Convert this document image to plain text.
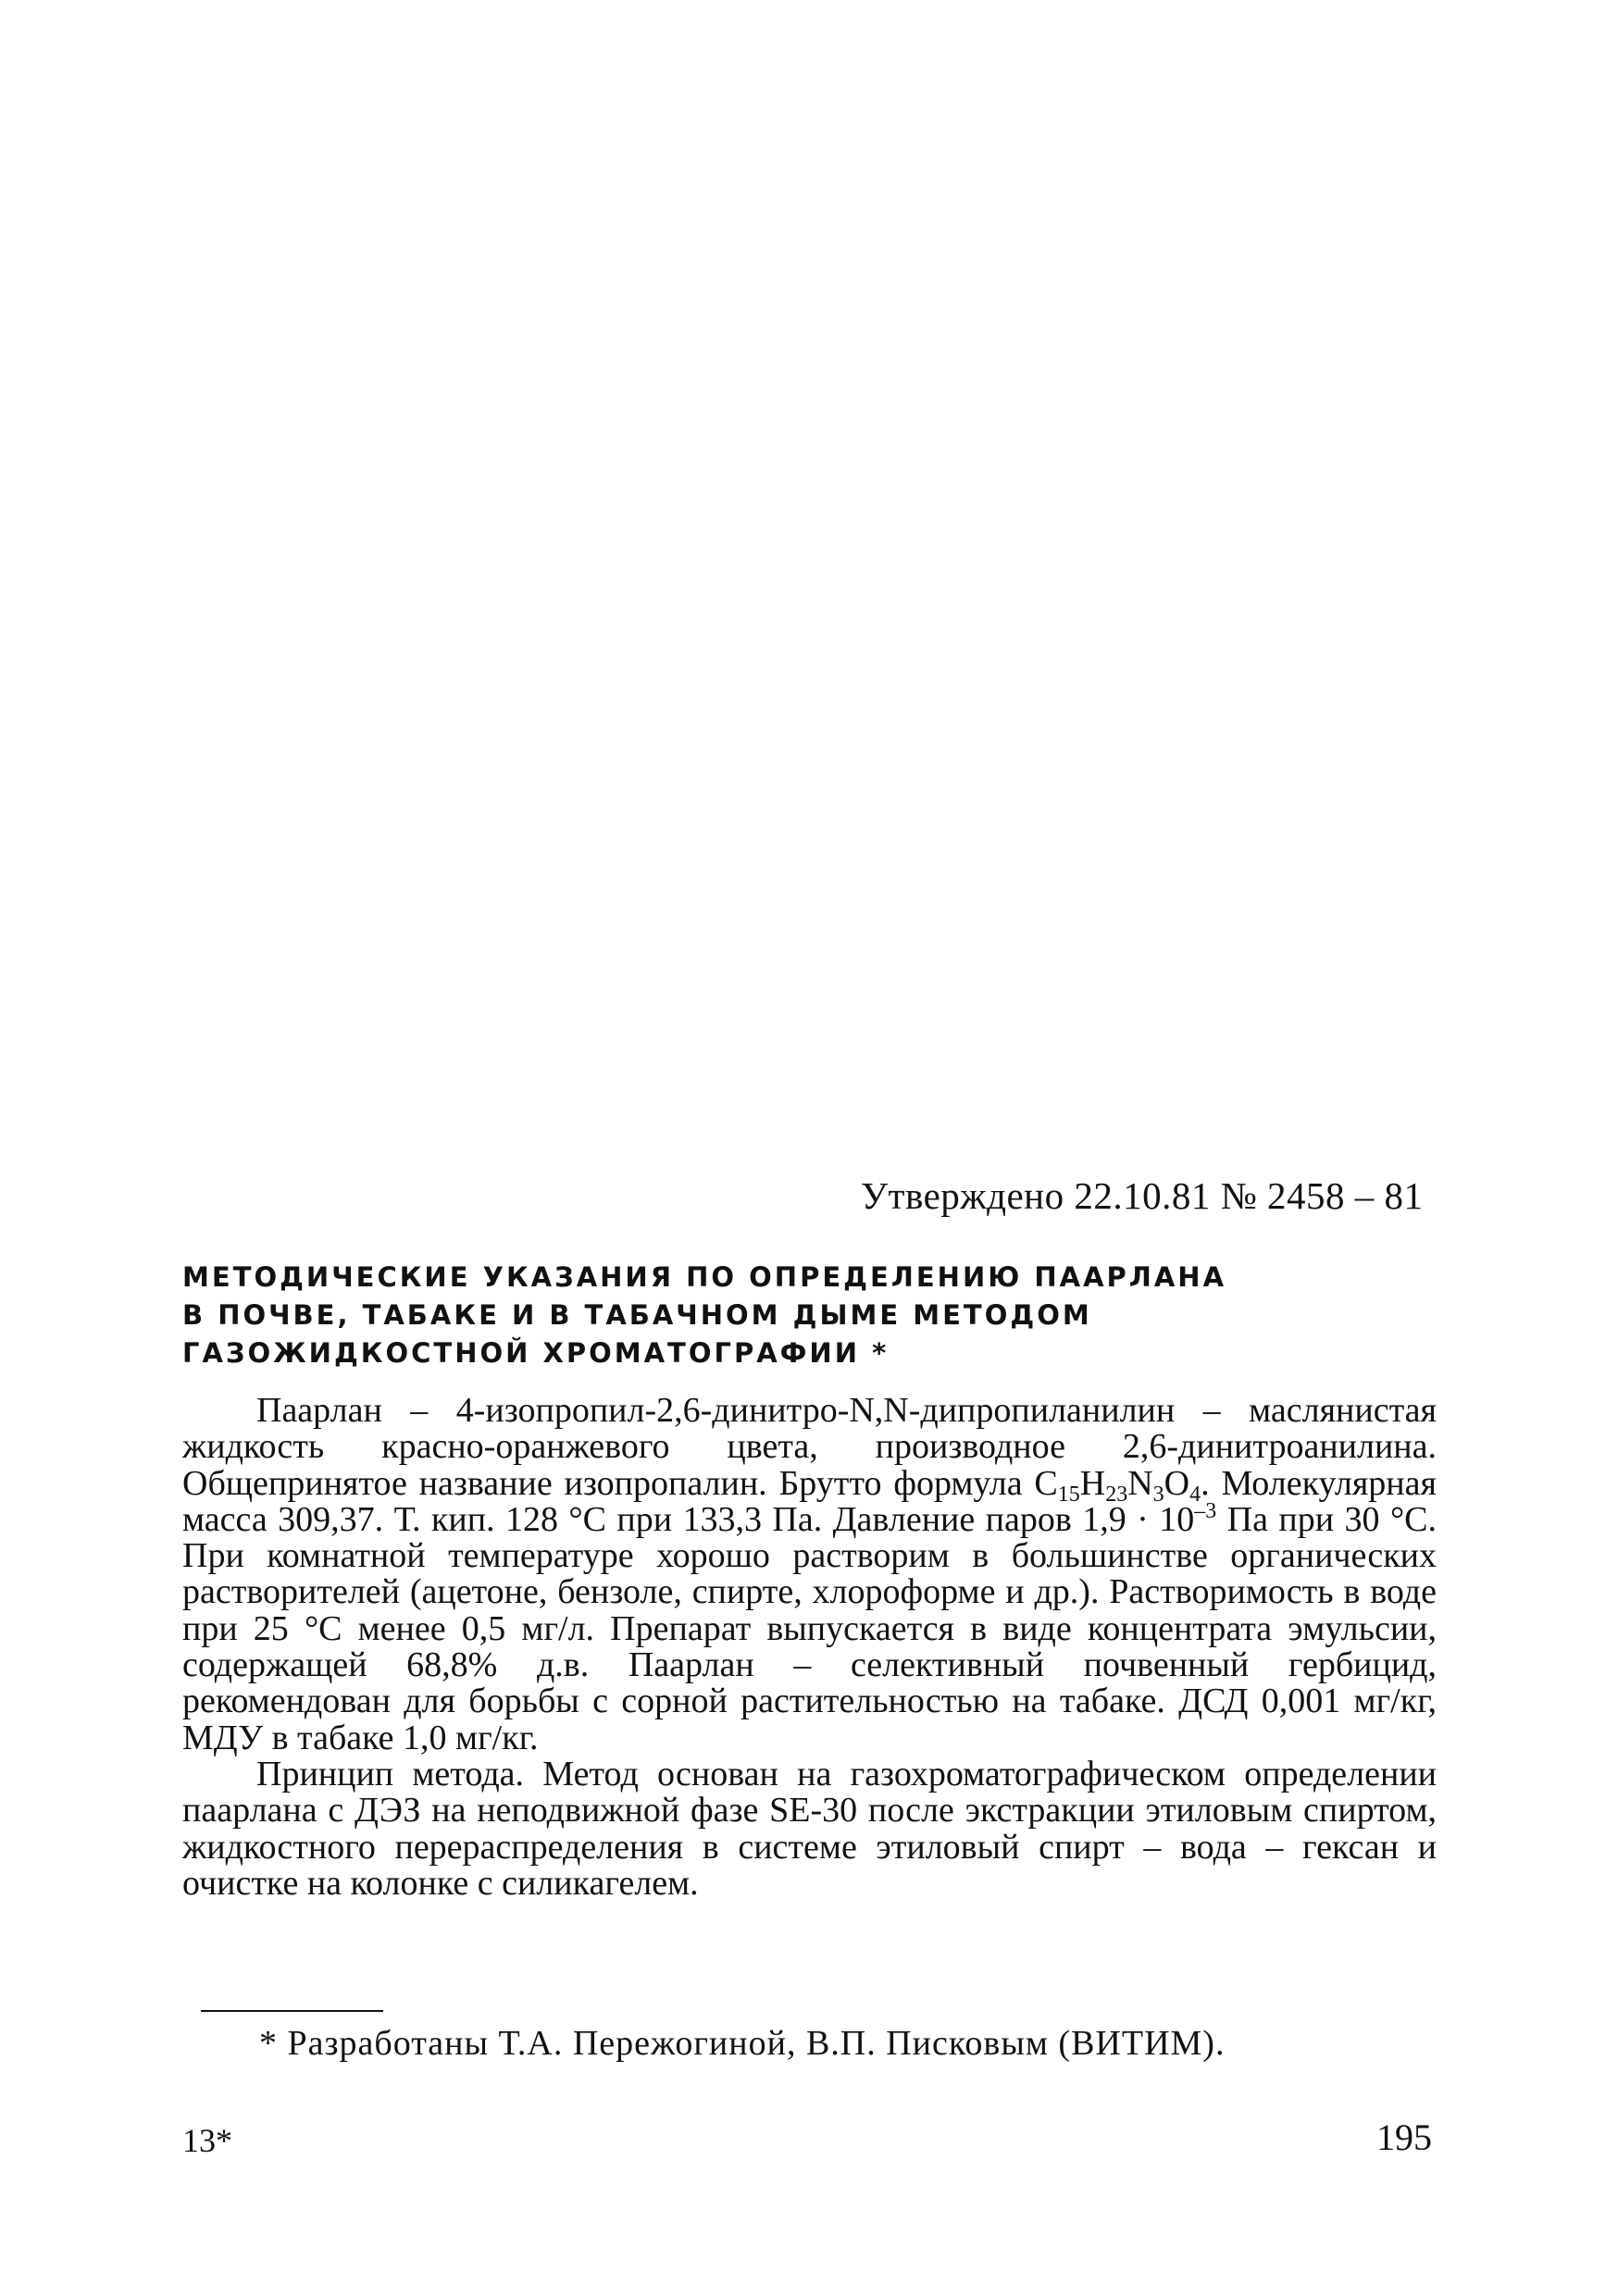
Утверждено 22.10.81 № 2458 – 81
МЕТОДИЧЕСКИЕ УКАЗАНИЯ ПО ОПРЕДЕЛЕНИЮ ПААРЛАНА
В ПОЧВЕ, ТАБАКЕ И В ТАБАЧНОМ ДЫМЕ МЕТОДОМ
ГАЗОЖИДКОСТНОЙ ХРОМАТОГРАФИИ *

Паарлан – 4-изопропил-2,6-динитро-N,N-дипропиланилин – маслянистая жидкость красно-оранжевого цвета, производное 2,6-динитроанилина. Общепринятое название изопропалин. Брутто формула $C_{15}H_{23}N_3O_4$. Молекулярная масса 309,37. Т. кип. 128 °С при 133,3 Па. Давление паров $1,9 \cdot 10^{-3}$ Па при 30 °С. При комнатной температуре хорошо растворим в большинстве органических растворителей (ацетоне, бензоле, спирте, хлороформе и др.). Растворимость в воде при 25 °С менее 0,5 мг/л. Препарат выпускается в виде концентрата эмульсии, содержащей 68,8% д.в. Паарлан – селективный почвенный гербицид, рекомендован для борьбы с сорной растительностью на табаке. ДСД 0,001 мг/кг, МДУ в табаке 1,0 мг/кг.

Принцип метода. Метод основан на газохроматографическом определении паарлана с ДЭЗ на неподвижной фазе SE-30 после экстракции этиловым спиртом, жидкостного перераспределения в системе этиловый спирт – вода – гексан и очистке на колонке с силикагелем.

* Разработаны Т.А. Пережогиной, В.П. Писковым (ВИТИМ).
13*	195
